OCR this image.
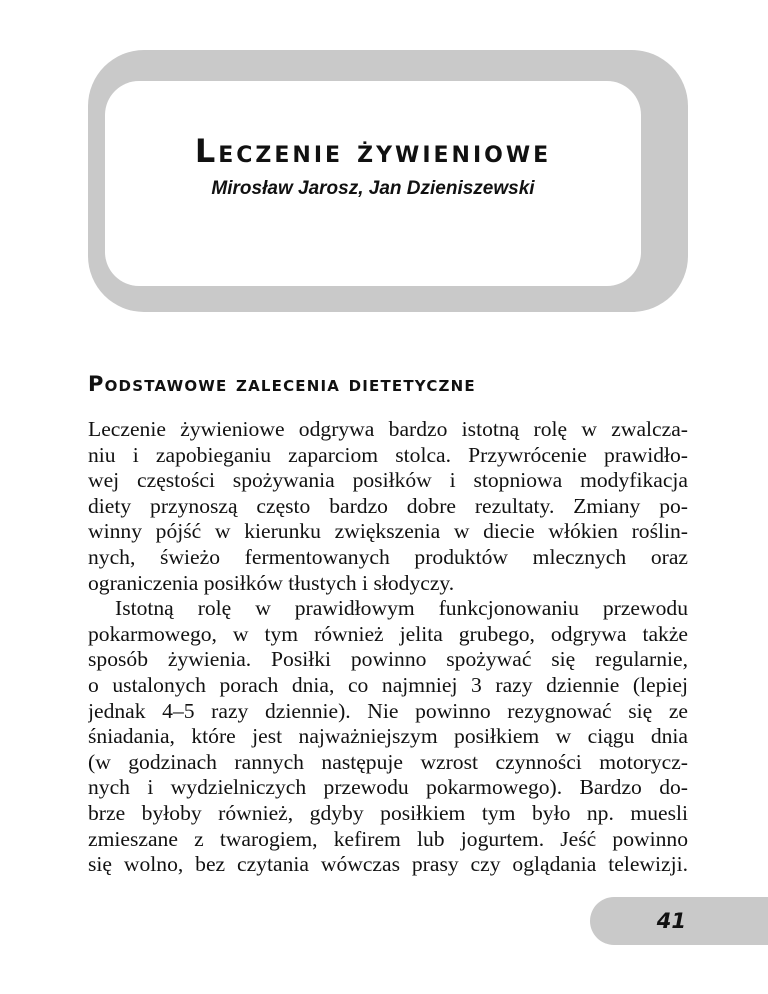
Leczenie żywieniowe

Mirosław Jarosz, Jan Dzieniszewski

Podstawowe zalecenia dietetyczne
Leczenie żywieniowe odgrywa bardzo istotną rolę w zwalcza-
niu i zapobieganiu zaparciom stolca. Przywrócenie prawidło-
wej częstości spożywania posiłków i stopniowa modyfikacja
diety przynoszą często bardzo dobre rezultaty. Zmiany po-
winny pójść w kierunku zwiększenia w diecie włókien roślin-
nych, świeżo fermentowanych produktów mlecznych oraz
ograniczenia posiłków tłustych i słodyczy.
Istotną rolę w prawidłowym funkcjonowaniu przewodu
pokarmowego, w tym również jelita grubego, odgrywa także
sposób żywienia. Posiłki powinno spożywać się regularnie,
o ustalonych porach dnia, co najmniej 3 razy dziennie (lepiej
jednak 4–5 razy dziennie). Nie powinno rezygnować się ze
śniadania, które jest najważniejszym posiłkiem w ciągu dnia
(w godzinach rannych następuje wzrost czynności motorycz-
nych i wydzielniczych przewodu pokarmowego). Bardzo do-
brze byłoby również, gdyby posiłkiem tym było np. muesli
zmieszane z twarogiem, kefirem lub jogurtem. Jeść powinno
się wolno, bez czytania wówczas prasy czy oglądania telewizji.
41
